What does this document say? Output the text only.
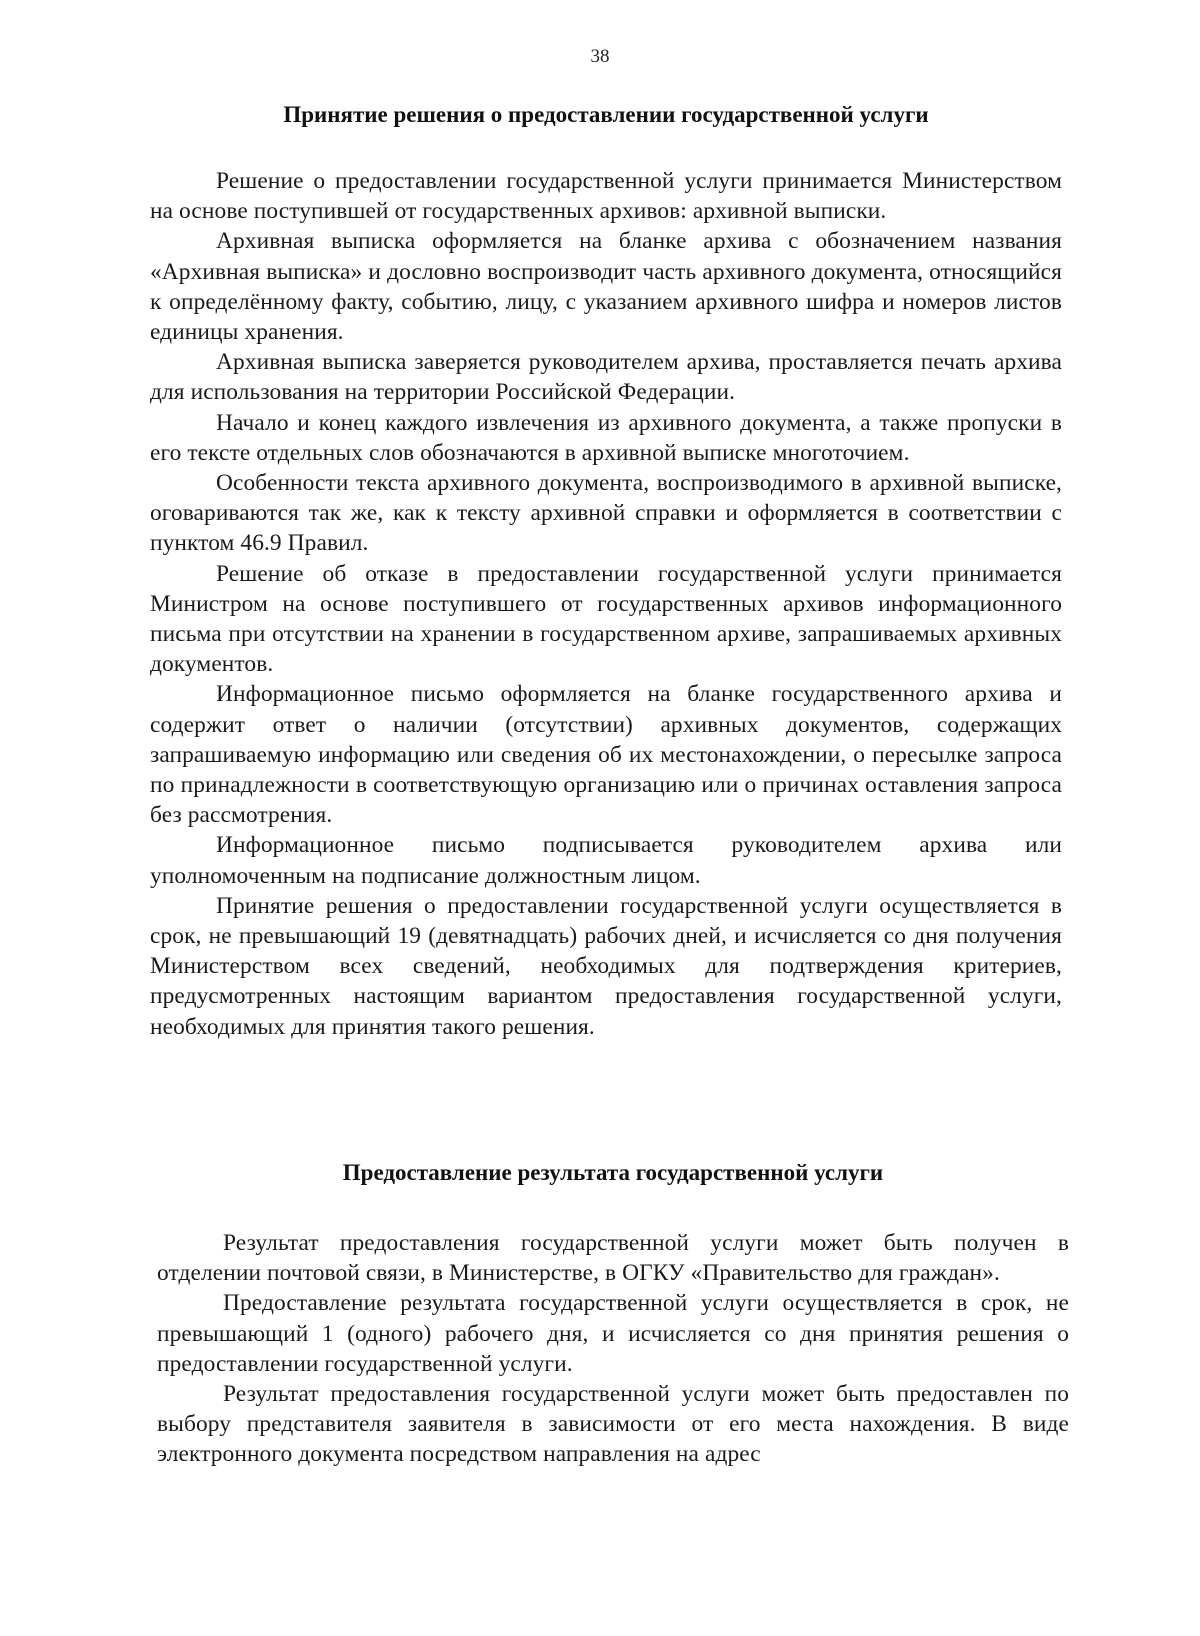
38
Принятие решения о предоставлении государственной услуги

Решение о предоставлении государственной услуги принимается Министерством на основе поступившей от государственных архивов: архивной выписки.

Архивная выписка оформляется на бланке архива с обозначением названия «Архивная выписка» и дословно воспроизводит часть архивного документа, относящийся к определённому факту, событию, лицу, с указанием архивного шифра и номеров листов единицы хранения.

Архивная выписка заверяется руководителем архива, проставляется печать архива для использования на территории Российской Федерации.

Начало и конец каждого извлечения из архивного документа, а также пропуски в его тексте отдельных слов обозначаются в архивной выписке многоточием.

Особенности текста архивного документа, воспроизводимого в архивной выписке, оговариваются так же, как к тексту архивной справки и оформляется в соответствии с пунктом 46.9 Правил.

Решение об отказе в предоставлении государственной услуги принимается Министром на основе поступившего от государственных архивов информационного письма при отсутствии на хранении в государственном архиве, запрашиваемых архивных документов.

Информационное письмо оформляется на бланке государственного архива и содержит ответ о наличии (отсутствии) архивных документов, содержащих запрашиваемую информацию или сведения об их местонахождении, о пересылке запроса по принадлежности в соответствующую организацию или о причинах оставления запроса без рассмотрения.

Информационное письмо подписывается руководителем архива или уполномоченным на подписание должностным лицом.

Принятие решения о предоставлении государственной услуги осуществляется в срок, не превышающий 19 (девятнадцать) рабочих дней, и исчисляется со дня получения Министерством всех сведений, необходимых для подтверждения критериев, предусмотренных настоящим вариантом предоставления государственной услуги, необходимых для принятия такого решения.

Предоставление результата государственной услуги

Результат предоставления государственной услуги может быть получен в отделении почтовой связи, в Министерстве, в ОГКУ «Правительство для граждан».

Предоставление результата государственной услуги осуществляется в срок, не превышающий 1 (одного) рабочего дня, и исчисляется со дня принятия решения о предоставлении государственной услуги.

Результат предоставления государственной услуги может быть предоставлен по выбору представителя заявителя в зависимости от его места нахождения. В виде электронного документа посредством направления на адрес
